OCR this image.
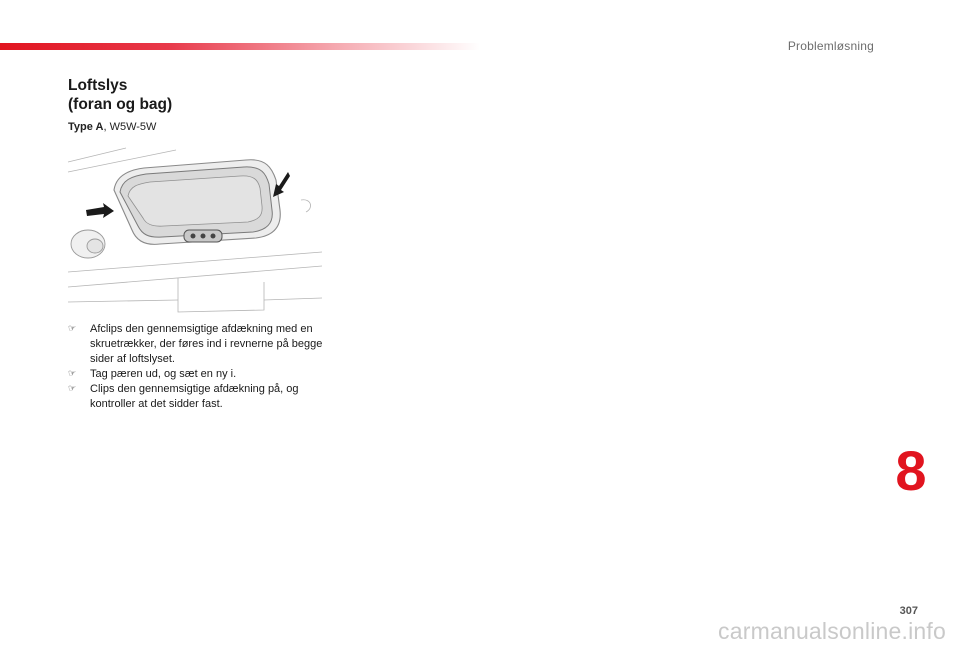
Problemløsning
Loftslys
(foran og bag)
Type A, W5W-5W
☞ Afclips den gennemsigtige afdækning med en skruetrækker, der føres ind i revnerne på begge sider af loftslyset.
☞ Tag pæren ud, og sæt en ny i.
☞ Clips den gennemsigtige afdækning på, og kontroller at det sidder fast.
8
307
carmanualsonline.info
